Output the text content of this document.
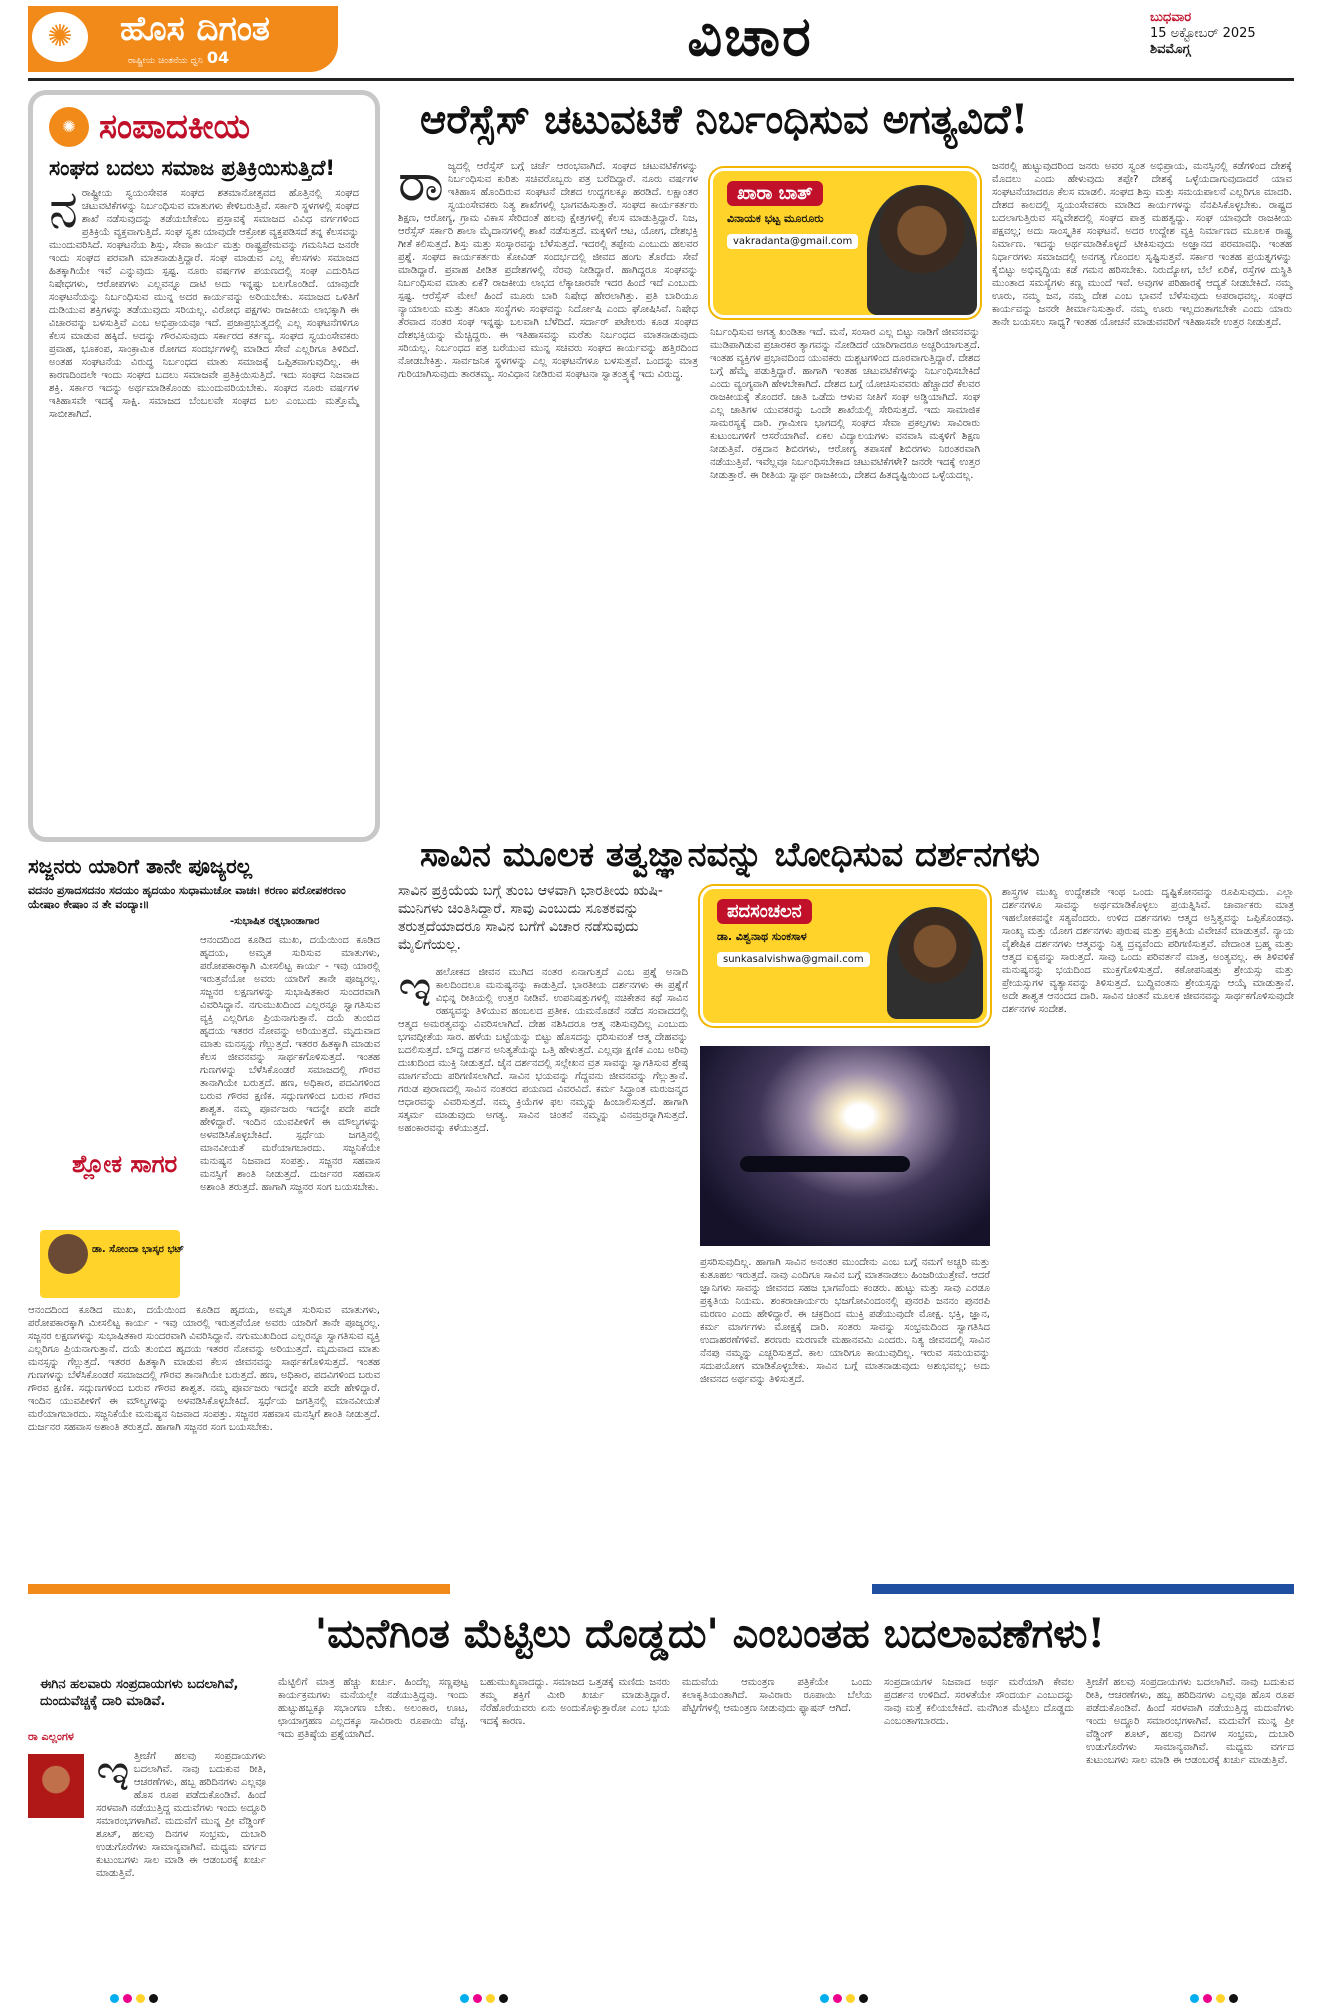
ಹೊಸ ದಿಗಂತ
ರಾಷ್ಟ್ರೀಯ ಚಿಂತನೆಯ ಧ್ವನಿ 04
✺	ವಿಚಾರ	ಬುಧವಾರ
15 ಅಕ್ಟೋಬರ್ 2025
ಶಿವಮೊಗ್ಗ
✺ ಸಂಪಾದಕೀಯ
ಸಂಘದ ಬದಲು ಸಮಾಜ ಪ್ರತಿಕ್ರಿಯಿಸುತ್ತಿದೆ!
ನ ರಾಷ್ಟ್ರೀಯ ಸ್ವಯಂಸೇವಕ ಸಂಘದ ಶತಮಾನೋತ್ಸವದ ಹೊತ್ತಿನಲ್ಲಿ ಸಂಘದ ಚಟುವಟಿಕೆಗಳನ್ನು ನಿರ್ಬಂಧಿಸುವ ಮಾತುಗಳು ಕೇಳಿಬರುತ್ತಿವೆ. ಸರ್ಕಾರಿ ಸ್ಥಳಗಳಲ್ಲಿ ಸಂಘದ ಶಾಖೆ ನಡೆಸುವುದನ್ನು ತಡೆಯಬೇಕೆಂಬ ಪ್ರಸ್ತಾವಕ್ಕೆ ಸಮಾಜದ ವಿವಿಧ ವರ್ಗಗಳಿಂದ ಪ್ರತಿಕ್ರಿಯೆ ವ್ಯಕ್ತವಾಗುತ್ತಿದೆ. ಸಂಘ ಸ್ವತಃ ಯಾವುದೇ ಆಕ್ರೋಶ ವ್ಯಕ್ತಪಡಿಸದೆ ತನ್ನ ಕೆಲಸವನ್ನು ಮುಂದುವರಿಸಿದೆ. ಸಂಘಟನೆಯ ಶಿಸ್ತು, ಸೇವಾ ಕಾರ್ಯ ಮತ್ತು ರಾಷ್ಟ್ರಪ್ರೇಮವನ್ನು ಗಮನಿಸಿದ ಜನರೇ ಇಂದು ಸಂಘದ ಪರವಾಗಿ ಮಾತನಾಡುತ್ತಿದ್ದಾರೆ. ಸಂಘ ಮಾಡುವ ಎಲ್ಲ ಕೆಲಸಗಳು ಸಮಾಜದ ಹಿತಕ್ಕಾಗಿಯೇ ಇವೆ ಎನ್ನುವುದು ಸ್ಪಷ್ಟ. ನೂರು ವರ್ಷಗಳ ಪಯಣದಲ್ಲಿ ಸಂಘ ಎದುರಿಸಿದ ನಿಷೇಧಗಳು, ಆರೋಪಗಳು ಎಲ್ಲವನ್ನೂ ದಾಟಿ ಅದು ಇನ್ನಷ್ಟು ಬಲಗೊಂಡಿದೆ. ಯಾವುದೇ ಸಂಘಟನೆಯನ್ನು ನಿರ್ಬಂಧಿಸುವ ಮುನ್ನ ಅದರ ಕಾರ್ಯವನ್ನು ಅರಿಯಬೇಕು. ಸಮಾಜದ ಒಳಿತಿಗೆ ದುಡಿಯುವ ಶಕ್ತಿಗಳನ್ನು ತಡೆಯುವುದು ಸರಿಯಲ್ಲ. ವಿರೋಧ ಪಕ್ಷಗಳು ರಾಜಕೀಯ ಲಾಭಕ್ಕಾಗಿ ಈ ವಿಚಾರವನ್ನು ಬಳಸುತ್ತಿವೆ ಎಂಬ ಅಭಿಪ್ರಾಯವೂ ಇದೆ. ಪ್ರಜಾಪ್ರಭುತ್ವದಲ್ಲಿ ಎಲ್ಲ ಸಂಘಟನೆಗಳಿಗೂ ಕೆಲಸ ಮಾಡುವ ಹಕ್ಕಿದೆ. ಅದನ್ನು ಗೌರವಿಸುವುದು ಸರ್ಕಾರದ ಕರ್ತವ್ಯ. ಸಂಘದ ಸ್ವಯಂಸೇವಕರು ಪ್ರವಾಹ, ಭೂಕಂಪ, ಸಾಂಕ್ರಾಮಿಕ ರೋಗದ ಸಂದರ್ಭಗಳಲ್ಲಿ ಮಾಡಿದ ಸೇವೆ ಎಲ್ಲರಿಗೂ ತಿಳಿದಿದೆ. ಅಂತಹ ಸಂಘಟನೆಯ ವಿರುದ್ಧ ನಿರ್ಬಂಧದ ಮಾತು ಸಮಾಜಕ್ಕೆ ಒಪ್ಪಿತವಾಗುವುದಿಲ್ಲ. ಈ ಕಾರಣದಿಂದಲೇ ಇಂದು ಸಂಘದ ಬದಲು ಸಮಾಜವೇ ಪ್ರತಿಕ್ರಿಯಿಸುತ್ತಿದೆ. ಇದು ಸಂಘದ ನಿಜವಾದ ಶಕ್ತಿ. ಸರ್ಕಾರ ಇದನ್ನು ಅರ್ಥಮಾಡಿಕೊಂಡು ಮುಂದುವರಿಯಬೇಕು. ಸಂಘದ ನೂರು ವರ್ಷಗಳ ಇತಿಹಾಸವೇ ಇದಕ್ಕೆ ಸಾಕ್ಷಿ. ಸಮಾಜದ ಬೆಂಬಲವೇ ಸಂಘದ ಬಲ ಎಂಬುದು ಮತ್ತೊಮ್ಮೆ ಸಾಬೀತಾಗಿದೆ.
ಆರೆಸ್ಸೆಸ್ ಚಟುವಟಿಕೆ ನಿರ್ಬಂಧಿಸುವ ಅಗತ್ಯವಿದೆ!
ರಾ ಜ್ಯದಲ್ಲಿ ಆರೆಸ್ಸೆಸ್ ಬಗ್ಗೆ ಚರ್ಚೆ ಆರಂಭವಾಗಿದೆ. ಸಂಘದ ಚಟುವಟಿಕೆಗಳನ್ನು ನಿರ್ಬಂಧಿಸುವ ಕುರಿತು ಸಚಿವರೊಬ್ಬರು ಪತ್ರ ಬರೆದಿದ್ದಾರೆ. ನೂರು ವರ್ಷಗಳ ಇತಿಹಾಸ ಹೊಂದಿರುವ ಸಂಘಟನೆ ದೇಶದ ಉದ್ದಗಲಕ್ಕೂ ಹರಡಿದೆ. ಲಕ್ಷಾಂತರ ಸ್ವಯಂಸೇವಕರು ನಿತ್ಯ ಶಾಖೆಗಳಲ್ಲಿ ಭಾಗವಹಿಸುತ್ತಾರೆ. ಸಂಘದ ಕಾರ್ಯಕರ್ತರು ಶಿಕ್ಷಣ, ಆರೋಗ್ಯ, ಗ್ರಾಮ ವಿಕಾಸ ಸೇರಿದಂತೆ ಹಲವು ಕ್ಷೇತ್ರಗಳಲ್ಲಿ ಕೆಲಸ ಮಾಡುತ್ತಿದ್ದಾರೆ. ನಿಜ, ಆರೆಸ್ಸೆಸ್ ಸರ್ಕಾರಿ ಶಾಲಾ ಮೈದಾನಗಳಲ್ಲಿ ಶಾಖೆ ನಡೆಸುತ್ತದೆ. ಮಕ್ಕಳಿಗೆ ಆಟ, ಯೋಗ, ದೇಶಭಕ್ತಿ ಗೀತೆ ಕಲಿಸುತ್ತದೆ. ಶಿಸ್ತು ಮತ್ತು ಸಂಸ್ಕಾರವನ್ನು ಬೆಳೆಸುತ್ತದೆ. ಇದರಲ್ಲಿ ತಪ್ಪೇನು ಎಂಬುದು ಹಲವರ ಪ್ರಶ್ನೆ. ಸಂಘದ ಕಾರ್ಯಕರ್ತರು ಕೋವಿಡ್ ಸಂದರ್ಭದಲ್ಲಿ ಜೀವದ ಹಂಗು ತೊರೆದು ಸೇವೆ ಮಾಡಿದ್ದಾರೆ. ಪ್ರವಾಹ ಪೀಡಿತ ಪ್ರದೇಶಗಳಲ್ಲಿ ನೆರವು ನೀಡಿದ್ದಾರೆ. ಹಾಗಿದ್ದರೂ ಸಂಘವನ್ನು ನಿರ್ಬಂಧಿಸುವ ಮಾತು ಏಕೆ? ರಾಜಕೀಯ ಲಾಭದ ಲೆಕ್ಕಾಚಾರವೇ ಇದರ ಹಿಂದೆ ಇದೆ ಎಂಬುದು ಸ್ಪಷ್ಟ. ಆರೆಸ್ಸೆಸ್ ಮೇಲೆ ಹಿಂದೆ ಮೂರು ಬಾರಿ ನಿಷೇಧ ಹೇರಲಾಗಿತ್ತು. ಪ್ರತಿ ಬಾರಿಯೂ ನ್ಯಾಯಾಲಯ ಮತ್ತು ತನಿಖಾ ಸಂಸ್ಥೆಗಳು ಸಂಘವನ್ನು ನಿರ್ದೋಷಿ ಎಂದು ಘೋಷಿಸಿವೆ. ನಿಷೇಧ ತೆರವಾದ ನಂತರ ಸಂಘ ಇನ್ನಷ್ಟು ಬಲವಾಗಿ ಬೆಳೆದಿದೆ. ಸರ್ದಾರ್ ಪಟೇಲರು ಕೂಡ ಸಂಘದ ದೇಶಭಕ್ತಿಯನ್ನು ಮೆಚ್ಚಿದ್ದರು. ಈ ಇತಿಹಾಸವನ್ನು ಮರೆತು ನಿರ್ಬಂಧದ ಮಾತನಾಡುವುದು ಸರಿಯಲ್ಲ. ನಿರ್ಬಂಧದ ಪತ್ರ ಬರೆಯುವ ಮುನ್ನ ಸಚಿವರು ಸಂಘದ ಕಾರ್ಯವನ್ನು ಹತ್ತಿರದಿಂದ ನೋಡಬೇಕಿತ್ತು. ಸಾರ್ವಜನಿಕ ಸ್ಥಳಗಳನ್ನು ಎಲ್ಲ ಸಂಘಟನೆಗಳೂ ಬಳಸುತ್ತವೆ. ಒಂದನ್ನು ಮಾತ್ರ ಗುರಿಯಾಗಿಸುವುದು ತಾರತಮ್ಯ. ಸಂವಿಧಾನ ನೀಡಿರುವ ಸಂಘಟನಾ ಸ್ವಾತಂತ್ರ್ಯಕ್ಕೆ ಇದು ವಿರುದ್ಧ.
ಖಾರಾ ಬಾತ್
ವಿನಾಯಕ ಭಟ್ಟ ಮೂರೂರು
vakradanta@gmail.com
ನಿರ್ಬಂಧಿಸುವ ಅಗತ್ಯ ಖಂಡಿತಾ ಇದೆ. ಮನೆ, ಸಂಸಾರ ಎಲ್ಲ ಬಿಟ್ಟು ನಾಡಿಗೆ ಜೀವನವನ್ನು ಮುಡಿಪಾಗಿಡುವ ಪ್ರಚಾರಕರ ತ್ಯಾಗವನ್ನು ನೋಡಿದರೆ ಯಾರಿಗಾದರೂ ಅಚ್ಚರಿಯಾಗುತ್ತದೆ. ಇಂತಹ ವ್ಯಕ್ತಿಗಳ ಪ್ರಭಾವದಿಂದ ಯುವಕರು ದುಶ್ಚಟಗಳಿಂದ ದೂರವಾಗುತ್ತಿದ್ದಾರೆ. ದೇಶದ ಬಗ್ಗೆ ಹೆಮ್ಮೆ ಪಡುತ್ತಿದ್ದಾರೆ. ಹಾಗಾಗಿ ಇಂತಹ ಚಟುವಟಿಕೆಗಳನ್ನು ನಿರ್ಬಂಧಿಸಬೇಕಿದೆ ಎಂದು ವ್ಯಂಗ್ಯವಾಗಿ ಹೇಳಬೇಕಾಗಿದೆ. ದೇಶದ ಬಗ್ಗೆ ಯೋಚಿಸುವವರು ಹೆಚ್ಚಾದರೆ ಕೆಲವರ ರಾಜಕೀಯಕ್ಕೆ ತೊಂದರೆ. ಜಾತಿ ಒಡೆದು ಆಳುವ ನೀತಿಗೆ ಸಂಘ ಅಡ್ಡಿಯಾಗಿದೆ. ಸಂಘ ಎಲ್ಲ ಜಾತಿಗಳ ಯುವಕರನ್ನು ಒಂದೇ ಶಾಖೆಯಲ್ಲಿ ಸೇರಿಸುತ್ತದೆ. ಇದು ಸಾಮಾಜಿಕ ಸಾಮರಸ್ಯಕ್ಕೆ ದಾರಿ. ಗ್ರಾಮೀಣ ಭಾಗದಲ್ಲಿ ಸಂಘದ ಸೇವಾ ಪ್ರಕಲ್ಪಗಳು ಸಾವಿರಾರು ಕುಟುಂಬಗಳಿಗೆ ಆಸರೆಯಾಗಿವೆ. ಏಕಲ ವಿದ್ಯಾಲಯಗಳು ವನವಾಸಿ ಮಕ್ಕಳಿಗೆ ಶಿಕ್ಷಣ ನೀಡುತ್ತಿವೆ. ರಕ್ತದಾನ ಶಿಬಿರಗಳು, ಆರೋಗ್ಯ ತಪಾಸಣೆ ಶಿಬಿರಗಳು ನಿರಂತರವಾಗಿ ನಡೆಯುತ್ತಿವೆ. ಇವೆಲ್ಲವೂ ನಿರ್ಬಂಧಿಸಬೇಕಾದ ಚಟುವಟಿಕೆಗಳೇ? ಜನರೇ ಇದಕ್ಕೆ ಉತ್ತರ ನೀಡುತ್ತಾರೆ. ಈ ರೀತಿಯ ಸ್ವಾರ್ಥ ರಾಜಕೀಯ, ದೇಶದ ಹಿತದೃಷ್ಟಿಯಿಂದ ಒಳ್ಳೆಯದಲ್ಲ.
ಜನರಲ್ಲಿ ಹುಟ್ಟುವುದರಿಂದ ಜನರು ಅವರ ಸ್ವಂತ ಅಭಿಪ್ರಾಯ, ಮನಸ್ಸಿನಲ್ಲಿ ಕಡೆಗಳಿಂದ ದೇಶಕ್ಕೆ ಮೊದಲು ಎಂದು ಹೇಳುವುದು ತಪ್ಪೇ? ದೇಶಕ್ಕೆ ಒಳ್ಳೆಯದಾಗುವುದಾದರೆ ಯಾವ ಸಂಘಟನೆಯಾದರೂ ಕೆಲಸ ಮಾಡಲಿ. ಸಂಘದ ಶಿಸ್ತು ಮತ್ತು ಸಮಯಪಾಲನೆ ಎಲ್ಲರಿಗೂ ಮಾದರಿ. ದೇಶದ ಕಾಲದಲ್ಲಿ ಸ್ವಯಂಸೇವಕರು ಮಾಡಿದ ಕಾರ್ಯಗಳನ್ನು ನೆನಪಿಸಿಕೊಳ್ಳಬೇಕು. ರಾಷ್ಟ್ರದ ಬದಲಾಗುತ್ತಿರುವ ಸನ್ನಿವೇಶದಲ್ಲಿ ಸಂಘದ ಪಾತ್ರ ಮಹತ್ವದ್ದು. ಸಂಘ ಯಾವುದೇ ರಾಜಕೀಯ ಪಕ್ಷವಲ್ಲ; ಅದು ಸಾಂಸ್ಕೃತಿಕ ಸಂಘಟನೆ. ಅದರ ಉದ್ದೇಶ ವ್ಯಕ್ತಿ ನಿರ್ಮಾಣದ ಮೂಲಕ ರಾಷ್ಟ್ರ ನಿರ್ಮಾಣ. ಇದನ್ನು ಅರ್ಥಮಾಡಿಕೊಳ್ಳದೆ ಟೀಕಿಸುವುದು ಅಜ್ಞಾನದ ಪರಮಾವಧಿ. ಇಂತಹ ನಿರ್ಧಾರಗಳು ಸಮಾಜದಲ್ಲಿ ಅನಗತ್ಯ ಗೊಂದಲ ಸೃಷ್ಟಿಸುತ್ತವೆ. ಸರ್ಕಾರ ಇಂತಹ ಪ್ರಯತ್ನಗಳನ್ನು ಕೈಬಿಟ್ಟು ಅಭಿವೃದ್ಧಿಯ ಕಡೆ ಗಮನ ಹರಿಸಬೇಕು. ನಿರುದ್ಯೋಗ, ಬೆಲೆ ಏರಿಕೆ, ರಸ್ತೆಗಳ ದುಸ್ಥಿತಿ ಮುಂತಾದ ಸಮಸ್ಯೆಗಳು ಕಣ್ಣ ಮುಂದೆ ಇವೆ. ಅವುಗಳ ಪರಿಹಾರಕ್ಕೆ ಆದ್ಯತೆ ನೀಡಬೇಕಿದೆ. ನಮ್ಮ ಊರು, ನಮ್ಮ ಜನ, ನಮ್ಮ ದೇಶ ಎಂಬ ಭಾವನೆ ಬೆಳೆಸುವುದು ಅಪರಾಧವಲ್ಲ. ಸಂಘದ ಕಾರ್ಯವನ್ನು ಜನರೇ ತೀರ್ಮಾನಿಸುತ್ತಾರೆ. ನಮ್ಮ ಊರು ಇಲ್ಲದಂತಾಗಬೇಕೇ ಎಂದು ಯಾರು ತಾನೇ ಬಯಸಲು ಸಾಧ್ಯ? ಇಂತಹ ಯೋಚನೆ ಮಾಡುವವರಿಗೆ ಇತಿಹಾಸವೇ ಉತ್ತರ ನೀಡುತ್ತದೆ.
ಸಜ್ಜನರು ಯಾರಿಗೆ ತಾನೇ ಪೂಜ್ಯರಲ್ಲ
ವದನಂ ಪ್ರಸಾದಸದನಂ ಸದಯಂ ಹೃದಯಂ ಸುಧಾಮುಚೋ ವಾಚಃ। ಕರಣಂ ಪರೋಪಕರಣಂ ಯೇಷಾಂ ಕೇಷಾಂ ನ ತೇ ವಂದ್ಯಾಃ॥
-ಸುಭಾಷಿತ ರತ್ನಭಾಂಡಾಗಾರ
ಆನಂದದಿಂದ ಕೂಡಿದ ಮುಖ, ದಯೆಯಿಂದ ಕೂಡಿದ ಹೃದಯ, ಅಮೃತ ಸುರಿಸುವ ಮಾತುಗಳು, ಪರೋಪಕಾರಕ್ಕಾಗಿ ಮೀಸಲಿಟ್ಟ ಕಾರ್ಯ - ಇವು ಯಾರಲ್ಲಿ ಇರುತ್ತವೆಯೋ ಅವರು ಯಾರಿಗೆ ತಾನೇ ಪೂಜ್ಯರಲ್ಲ. ಸಜ್ಜನರ ಲಕ್ಷಣಗಳನ್ನು ಸುಭಾಷಿತಕಾರ ಸುಂದರವಾಗಿ ವಿವರಿಸಿದ್ದಾನೆ. ನಗುಮುಖದಿಂದ ಎಲ್ಲರನ್ನೂ ಸ್ವಾಗತಿಸುವ ವ್ಯಕ್ತಿ ಎಲ್ಲರಿಗೂ ಪ್ರಿಯನಾಗುತ್ತಾನೆ. ದಯೆ ತುಂಬಿದ ಹೃದಯ ಇತರರ ನೋವನ್ನು ಅರಿಯುತ್ತದೆ. ಮೃದುವಾದ ಮಾತು ಮನಸ್ಸನ್ನು ಗೆಲ್ಲುತ್ತದೆ. ಇತರರ ಹಿತಕ್ಕಾಗಿ ಮಾಡುವ ಕೆಲಸ ಜೀವನವನ್ನು ಸಾರ್ಥಕಗೊಳಿಸುತ್ತದೆ. ಇಂತಹ ಗುಣಗಳನ್ನು ಬೆಳೆಸಿಕೊಂಡರೆ ಸಮಾಜದಲ್ಲಿ ಗೌರವ ತಾನಾಗಿಯೇ ಬರುತ್ತದೆ. ಹಣ, ಅಧಿಕಾರ, ಪದವಿಗಳಿಂದ ಬರುವ ಗೌರವ ಕ್ಷಣಿಕ. ಸದ್ಗುಣಗಳಿಂದ ಬರುವ ಗೌರವ ಶಾಶ್ವತ. ನಮ್ಮ ಪೂರ್ವಜರು ಇದನ್ನೇ ಪದೇ ಪದೇ ಹೇಳಿದ್ದಾರೆ. ಇಂದಿನ ಯುವಪೀಳಿಗೆ ಈ ಮೌಲ್ಯಗಳನ್ನು ಅಳವಡಿಸಿಕೊಳ್ಳಬೇಕಿದೆ. ಸ್ಪರ್ಧೆಯ ಜಗತ್ತಿನಲ್ಲಿ ಮಾನವೀಯತೆ ಮರೆಯಾಗಬಾರದು. ಸಜ್ಜನಿಕೆಯೇ ಮನುಷ್ಯನ ನಿಜವಾದ ಸಂಪತ್ತು. ಸಜ್ಜನರ ಸಹವಾಸ ಮನಸ್ಸಿಗೆ ಶಾಂತಿ ನೀಡುತ್ತದೆ. ದುರ್ಜನರ ಸಹವಾಸ ಅಶಾಂತಿ ತರುತ್ತದೆ. ಹಾಗಾಗಿ ಸಜ್ಜನರ ಸಂಗ ಬಯಸಬೇಕು.
ಶ್ಲೋಕ ಸಾಗರ
ಡಾ. ಸೋಂದಾ ಭಾಸ್ಕರ ಭಟ್
ಆನಂದದಿಂದ ಕೂಡಿದ ಮುಖ, ದಯೆಯಿಂದ ಕೂಡಿದ ಹೃದಯ, ಅಮೃತ ಸುರಿಸುವ ಮಾತುಗಳು, ಪರೋಪಕಾರಕ್ಕಾಗಿ ಮೀಸಲಿಟ್ಟ ಕಾರ್ಯ - ಇವು ಯಾರಲ್ಲಿ ಇರುತ್ತವೆಯೋ ಅವರು ಯಾರಿಗೆ ತಾನೇ ಪೂಜ್ಯರಲ್ಲ. ಸಜ್ಜನರ ಲಕ್ಷಣಗಳನ್ನು ಸುಭಾಷಿತಕಾರ ಸುಂದರವಾಗಿ ವಿವರಿಸಿದ್ದಾನೆ. ನಗುಮುಖದಿಂದ ಎಲ್ಲರನ್ನೂ ಸ್ವಾಗತಿಸುವ ವ್ಯಕ್ತಿ ಎಲ್ಲರಿಗೂ ಪ್ರಿಯನಾಗುತ್ತಾನೆ. ದಯೆ ತುಂಬಿದ ಹೃದಯ ಇತರರ ನೋವನ್ನು ಅರಿಯುತ್ತದೆ. ಮೃದುವಾದ ಮಾತು ಮನಸ್ಸನ್ನು ಗೆಲ್ಲುತ್ತದೆ. ಇತರರ ಹಿತಕ್ಕಾಗಿ ಮಾಡುವ ಕೆಲಸ ಜೀವನವನ್ನು ಸಾರ್ಥಕಗೊಳಿಸುತ್ತದೆ. ಇಂತಹ ಗುಣಗಳನ್ನು ಬೆಳೆಸಿಕೊಂಡರೆ ಸಮಾಜದಲ್ಲಿ ಗೌರವ ತಾನಾಗಿಯೇ ಬರುತ್ತದೆ. ಹಣ, ಅಧಿಕಾರ, ಪದವಿಗಳಿಂದ ಬರುವ ಗೌರವ ಕ್ಷಣಿಕ. ಸದ್ಗುಣಗಳಿಂದ ಬರುವ ಗೌರವ ಶಾಶ್ವತ. ನಮ್ಮ ಪೂರ್ವಜರು ಇದನ್ನೇ ಪದೇ ಪದೇ ಹೇಳಿದ್ದಾರೆ. ಇಂದಿನ ಯುವಪೀಳಿಗೆ ಈ ಮೌಲ್ಯಗಳನ್ನು ಅಳವಡಿಸಿಕೊಳ್ಳಬೇಕಿದೆ. ಸ್ಪರ್ಧೆಯ ಜಗತ್ತಿನಲ್ಲಿ ಮಾನವೀಯತೆ ಮರೆಯಾಗಬಾರದು. ಸಜ್ಜನಿಕೆಯೇ ಮನುಷ್ಯನ ನಿಜವಾದ ಸಂಪತ್ತು. ಸಜ್ಜನರ ಸಹವಾಸ ಮನಸ್ಸಿಗೆ ಶಾಂತಿ ನೀಡುತ್ತದೆ. ದುರ್ಜನರ ಸಹವಾಸ ಅಶಾಂತಿ ತರುತ್ತದೆ. ಹಾಗಾಗಿ ಸಜ್ಜನರ ಸಂಗ ಬಯಸಬೇಕು.
ಸಾವಿನ ಮೂಲಕ ತತ್ವಜ್ಞಾನವನ್ನು ಬೋಧಿಸುವ ದರ್ಶನಗಳು
ಸಾವಿನ ಪ್ರಕ್ರಿಯೆಯ ಬಗ್ಗೆ ತುಂಬ ಆಳವಾಗಿ ಭಾರತೀಯ ಋಷಿ-ಮುನಿಗಳು ಚಿಂತಿಸಿದ್ದಾರೆ. ಸಾವು ಎಂಬುದು ಸೂತಕವನ್ನು ತರುತ್ತದೆಯಾದರೂ ಸಾವಿನ ಬಗೆಗೆ ವಿಚಾರ ನಡೆಸುವುದು ಮೈಲಿಗೆಯಲ್ಲ.
ಇ ಹಲೋಕದ ಜೀವನ ಮುಗಿದ ನಂತರ ಏನಾಗುತ್ತದೆ ಎಂಬ ಪ್ರಶ್ನೆ ಅನಾದಿ ಕಾಲದಿಂದಲೂ ಮನುಷ್ಯನನ್ನು ಕಾಡುತ್ತಿದೆ. ಭಾರತೀಯ ದರ್ಶನಗಳು ಈ ಪ್ರಶ್ನೆಗೆ ವಿಭಿನ್ನ ರೀತಿಯಲ್ಲಿ ಉತ್ತರ ನೀಡಿವೆ. ಉಪನಿಷತ್ತುಗಳಲ್ಲಿ ನಚಿಕೇತನ ಕಥೆ ಸಾವಿನ ರಹಸ್ಯವನ್ನು ತಿಳಿಯುವ ಹಂಬಲದ ಪ್ರತೀಕ. ಯಮನೊಡನೆ ನಡೆದ ಸಂವಾದದಲ್ಲಿ ಆತ್ಮದ ಅಮರತ್ವವನ್ನು ವಿವರಿಸಲಾಗಿದೆ. ದೇಹ ನಶಿಸಿದರೂ ಆತ್ಮ ನಶಿಸುವುದಿಲ್ಲ ಎಂಬುದು ಭಗವದ್ಗೀತೆಯ ಸಾರ. ಹಳೆಯ ಬಟ್ಟೆಯನ್ನು ಬಿಟ್ಟು ಹೊಸದನ್ನು ಧರಿಸುವಂತೆ ಆತ್ಮ ದೇಹವನ್ನು ಬದಲಿಸುತ್ತದೆ. ಬೌದ್ಧ ದರ್ಶನ ಅನಿತ್ಯತೆಯನ್ನು ಒತ್ತಿ ಹೇಳುತ್ತದೆ. ಎಲ್ಲವೂ ಕ್ಷಣಿಕ ಎಂಬ ಅರಿವು ದುಃಖದಿಂದ ಮುಕ್ತಿ ನೀಡುತ್ತದೆ. ಜೈನ ದರ್ಶನದಲ್ಲಿ ಸಲ್ಲೇಖನ ವ್ರತ ಸಾವನ್ನು ಸ್ವಾಗತಿಸುವ ಶ್ರೇಷ್ಠ ಮಾರ್ಗವೆಂದು ಪರಿಗಣಿಸಲಾಗಿದೆ. ಸಾವಿನ ಭಯವನ್ನು ಗೆದ್ದವನು ಜೀವನವನ್ನು ಗೆಲ್ಲುತ್ತಾನೆ. ಗರುಡ ಪುರಾಣದಲ್ಲಿ ಸಾವಿನ ನಂತರದ ಪಯಣದ ವಿವರವಿದೆ. ಕರ್ಮ ಸಿದ್ಧಾಂತ ಮರುಜನ್ಮದ ಆಧಾರವನ್ನು ವಿವರಿಸುತ್ತದೆ. ನಮ್ಮ ಕ್ರಿಯೆಗಳ ಫಲ ನಮ್ಮನ್ನು ಹಿಂಬಾಲಿಸುತ್ತದೆ. ಹಾಗಾಗಿ ಸತ್ಕರ್ಮ ಮಾಡುವುದು ಅಗತ್ಯ. ಸಾವಿನ ಚಿಂತನೆ ನಮ್ಮನ್ನು ವಿನಮ್ರರನ್ನಾಗಿಸುತ್ತದೆ. ಅಹಂಕಾರವನ್ನು ಕಳೆಯುತ್ತದೆ.
ಪದಸಂಚಲನ
ಡಾ. ವಿಶ್ವನಾಥ ಸುಂಕಸಾಳ
sunkasalvishwa@gmail.com
ಪ್ರಸರಿಸುವುದಿಲ್ಲ. ಹಾಗಾಗಿ ಸಾವಿನ ಅನಂತರ ಮುಂದೇನು ಎಂಬ ಬಗ್ಗೆ ನಮಗೆ ಅಚ್ಚರಿ ಮತ್ತು ಕುತೂಹಲ ಇರುತ್ತದೆ. ನಾವು ಎಂದಿಗೂ ಸಾವಿನ ಬಗ್ಗೆ ಮಾತನಾಡಲು ಹಿಂಜರಿಯುತ್ತೇವೆ. ಆದರೆ ಜ್ಞಾನಿಗಳು ಸಾವನ್ನು ಜೀವನದ ಸಹಜ ಭಾಗವೆಂದು ಕಂಡರು. ಹುಟ್ಟು ಮತ್ತು ಸಾವು ಎರಡೂ ಪ್ರಕೃತಿಯ ನಿಯಮ. ಶಂಕರಾಚಾರ್ಯರು ಭಜಗೋವಿಂದಂನಲ್ಲಿ ಪುನರಪಿ ಜನನಂ ಪುನರಪಿ ಮರಣಂ ಎಂದು ಹೇಳಿದ್ದಾರೆ. ಈ ಚಕ್ರದಿಂದ ಮುಕ್ತಿ ಪಡೆಯುವುದೇ ಮೋಕ್ಷ. ಭಕ್ತಿ, ಜ್ಞಾನ, ಕರ್ಮ ಮಾರ್ಗಗಳು ಮೋಕ್ಷಕ್ಕೆ ದಾರಿ. ಸಂತರು ಸಾವನ್ನು ಸಂಭ್ರಮದಿಂದ ಸ್ವಾಗತಿಸಿದ ಉದಾಹರಣೆಗಳಿವೆ. ಶರಣರು ಮರಣವೇ ಮಹಾನವಮಿ ಎಂದರು. ನಿತ್ಯ ಜೀವನದಲ್ಲಿ ಸಾವಿನ ನೆನಪು ನಮ್ಮನ್ನು ಎಚ್ಚರಿಸುತ್ತದೆ. ಕಾಲ ಯಾರಿಗೂ ಕಾಯುವುದಿಲ್ಲ. ಇರುವ ಸಮಯವನ್ನು ಸದುಪಯೋಗ ಮಾಡಿಕೊಳ್ಳಬೇಕು. ಸಾವಿನ ಬಗ್ಗೆ ಮಾತನಾಡುವುದು ಅಶುಭವಲ್ಲ; ಅದು ಜೀವನದ ಅರ್ಥವನ್ನು ತಿಳಿಸುತ್ತದೆ.
ಶಾಸ್ತ್ರಗಳ ಮುಖ್ಯ ಉದ್ದೇಶವೇ ಇಂಥ ಒಂದು ದೃಷ್ಟಿಕೋನವನ್ನು ರೂಪಿಸುವುದು. ಎಲ್ಲಾ ದರ್ಶನಗಳೂ ಸಾವನ್ನು ಅರ್ಥಮಾಡಿಕೊಳ್ಳಲು ಪ್ರಯತ್ನಿಸಿವೆ. ಚಾರ್ವಾಕರು ಮಾತ್ರ ಇಹಲೋಕವನ್ನೇ ಸತ್ಯವೆಂದರು. ಉಳಿದ ದರ್ಶನಗಳು ಆತ್ಮದ ಅಸ್ತಿತ್ವವನ್ನು ಒಪ್ಪಿಕೊಂಡವು. ಸಾಂಖ್ಯ ಮತ್ತು ಯೋಗ ದರ್ಶನಗಳು ಪುರುಷ ಮತ್ತು ಪ್ರಕೃತಿಯ ವಿವೇಚನೆ ಮಾಡುತ್ತವೆ. ನ್ಯಾಯ ವೈಶೇಷಿಕ ದರ್ಶನಗಳು ಆತ್ಮವನ್ನು ನಿತ್ಯ ದ್ರವ್ಯವೆಂದು ಪರಿಗಣಿಸುತ್ತವೆ. ವೇದಾಂತ ಬ್ರಹ್ಮ ಮತ್ತು ಆತ್ಮದ ಐಕ್ಯವನ್ನು ಸಾರುತ್ತದೆ. ಸಾವು ಒಂದು ಪರಿವರ್ತನೆ ಮಾತ್ರ, ಅಂತ್ಯವಲ್ಲ. ಈ ತಿಳಿವಳಿಕೆ ಮನುಷ್ಯನನ್ನು ಭಯದಿಂದ ಮುಕ್ತಗೊಳಿಸುತ್ತದೆ. ಕಠೋಪನಿಷತ್ತು ಶ್ರೇಯಸ್ಸು ಮತ್ತು ಪ್ರೇಯಸ್ಸುಗಳ ವ್ಯತ್ಯಾಸವನ್ನು ತಿಳಿಸುತ್ತದೆ. ಬುದ್ಧಿವಂತನು ಶ್ರೇಯಸ್ಸನ್ನು ಆಯ್ಕೆ ಮಾಡುತ್ತಾನೆ. ಅದೇ ಶಾಶ್ವತ ಆನಂದದ ದಾರಿ. ಸಾವಿನ ಚಿಂತನೆ ಮೂಲಕ ಜೀವನವನ್ನು ಸಾರ್ಥಕಗೊಳಿಸುವುದೇ ದರ್ಶನಗಳ ಸಂದೇಶ.
'ಮನೆಗಿಂತ ಮೆಟ್ಟಿಲು ದೊಡ್ಡದು' ಎಂಬಂತಹ ಬದಲಾವಣೆಗಳು!
ಈಗಿನ ಹಲವಾರು ಸಂಪ್ರದಾಯಗಳು ಬದಲಾಗಿವೆ, ದುಂದುವೆಚ್ಚಕ್ಕೆ ದಾರಿ ಮಾಡಿವೆ.
ರಾ ಎಲ್ಲಂಗಳ
ಇ ತ್ತೀಚೆಗೆ ಹಲವು ಸಂಪ್ರದಾಯಗಳು ಬದಲಾಗಿವೆ. ನಾವು ಬದುಕುವ ರೀತಿ, ಆಚರಣೆಗಳು, ಹಬ್ಬ ಹರಿದಿನಗಳು ಎಲ್ಲವೂ ಹೊಸ ರೂಪ ಪಡೆದುಕೊಂಡಿವೆ. ಹಿಂದೆ ಸರಳವಾಗಿ ನಡೆಯುತ್ತಿದ್ದ ಮದುವೆಗಳು ಇಂದು ಅದ್ದೂರಿ ಸಮಾರಂಭಗಳಾಗಿವೆ. ಮದುವೆಗೆ ಮುನ್ನ ಪ್ರೀ ವೆಡ್ಡಿಂಗ್ ಶೂಟ್, ಹಲವು ದಿನಗಳ ಸಂಭ್ರಮ, ದುಬಾರಿ ಉಡುಗೊರೆಗಳು ಸಾಮಾನ್ಯವಾಗಿವೆ. ಮಧ್ಯಮ ವರ್ಗದ ಕುಟುಂಬಗಳು ಸಾಲ ಮಾಡಿ ಈ ಆಡಂಬರಕ್ಕೆ ಖರ್ಚು ಮಾಡುತ್ತಿವೆ.
ಮೆಟ್ಟಿಲಿಗೆ ಮಾತ್ರ ಹೆಚ್ಚು ಖರ್ಚು. ಹಿಂದೆಲ್ಲ ಸಣ್ಣಪುಟ್ಟ ಕಾರ್ಯಕ್ರಮಗಳು ಮನೆಯಲ್ಲೇ ನಡೆಯುತ್ತಿದ್ದವು. ಇಂದು ಹುಟ್ಟುಹಬ್ಬಕ್ಕೂ ಸಭಾಂಗಣ ಬೇಕು. ಅಲಂಕಾರ, ಊಟ, ಛಾಯಾಗ್ರಹಣ ಎಲ್ಲದಕ್ಕೂ ಸಾವಿರಾರು ರೂಪಾಯಿ ವೆಚ್ಚ. ಇದು ಪ್ರತಿಷ್ಠೆಯ ಪ್ರಶ್ನೆಯಾಗಿದೆ.
ಬಹುಮುಖ್ಯವಾದದ್ದು. ಸಮಾಜದ ಒತ್ತಡಕ್ಕೆ ಮಣಿದು ಜನರು ತಮ್ಮ ಶಕ್ತಿಗೆ ಮೀರಿ ಖರ್ಚು ಮಾಡುತ್ತಿದ್ದಾರೆ. ನೆರೆಹೊರೆಯವರು ಏನು ಅಂದುಕೊಳ್ಳುತ್ತಾರೋ ಎಂಬ ಭಯ ಇದಕ್ಕೆ ಕಾರಣ.
ಮದುವೆಯ ಆಮಂತ್ರಣ ಪತ್ರಿಕೆಯೇ ಒಂದು ಕಲಾಕೃತಿಯಂತಾಗಿದೆ. ಸಾವಿರಾರು ರೂಪಾಯಿ ಬೆಲೆಯ ಪೆಟ್ಟಿಗೆಗಳಲ್ಲಿ ಆಮಂತ್ರಣ ನೀಡುವುದು ಫ್ಯಾಷನ್ ಆಗಿದೆ.
ಸಂಪ್ರದಾಯಗಳ ನಿಜವಾದ ಅರ್ಥ ಮರೆಯಾಗಿ ಕೇವಲ ಪ್ರದರ್ಶನ ಉಳಿದಿದೆ. ಸರಳತೆಯೇ ಸೌಂದರ್ಯ ಎಂಬುದನ್ನು ನಾವು ಮತ್ತೆ ಕಲಿಯಬೇಕಿದೆ. ಮನೆಗಿಂತ ಮೆಟ್ಟಿಲು ದೊಡ್ಡದು ಎಂಬಂತಾಗಬಾರದು.
ತ್ತೀಚೆಗೆ ಹಲವು ಸಂಪ್ರದಾಯಗಳು ಬದಲಾಗಿವೆ. ನಾವು ಬದುಕುವ ರೀತಿ, ಆಚರಣೆಗಳು, ಹಬ್ಬ ಹರಿದಿನಗಳು ಎಲ್ಲವೂ ಹೊಸ ರೂಪ ಪಡೆದುಕೊಂಡಿವೆ. ಹಿಂದೆ ಸರಳವಾಗಿ ನಡೆಯುತ್ತಿದ್ದ ಮದುವೆಗಳು ಇಂದು ಅದ್ದೂರಿ ಸಮಾರಂಭಗಳಾಗಿವೆ. ಮದುವೆಗೆ ಮುನ್ನ ಪ್ರೀ ವೆಡ್ಡಿಂಗ್ ಶೂಟ್, ಹಲವು ದಿನಗಳ ಸಂಭ್ರಮ, ದುಬಾರಿ ಉಡುಗೊರೆಗಳು ಸಾಮಾನ್ಯವಾಗಿವೆ. ಮಧ್ಯಮ ವರ್ಗದ ಕುಟುಂಬಗಳು ಸಾಲ ಮಾಡಿ ಈ ಆಡಂಬರಕ್ಕೆ ಖರ್ಚು ಮಾಡುತ್ತಿವೆ.
